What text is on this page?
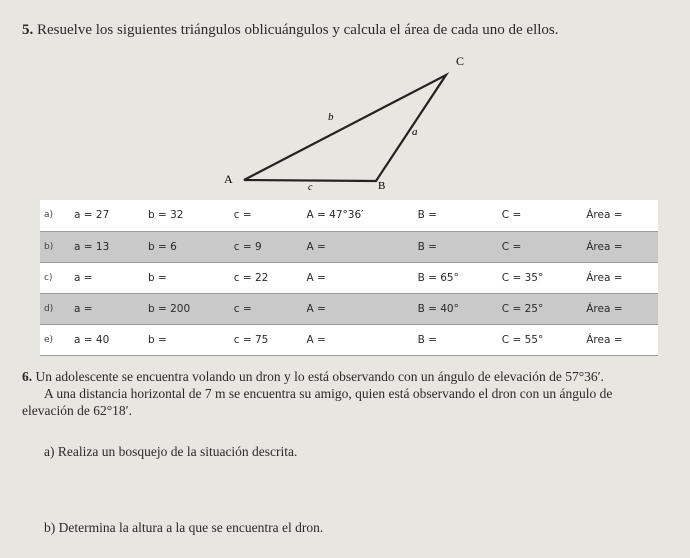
5. Resuelve los siguientes triángulos oblicuángulos y calcula el área de cada uno de ellos.
A	B
C
a
b
c
a)	a = 27	b = 32	c =	A = 47°36′	B =	C =	Área =
b)	a = 13	b = 6	c = 9	A =	B =	C =	Área =
c)	a =	b =	c = 22	A =	B = 65°	C = 35°	Área =
d)	a =	b = 200	c =	A =	B = 40°	C = 25°	Área =
e)	a = 40	b =	c = 75	A =	B =	C = 55°	Área =
6. Un adolescente se encuentra volando un dron y lo está observando con un ángulo de elevación de 57°36′.
A una distancia horizontal de 7 m se encuentra su amigo, quien está observando el dron con un ángulo de
elevación de 62°18′.
a) Realiza un bosquejo de la situación descrita.
b) Determina la altura a la que se encuentra el dron.
